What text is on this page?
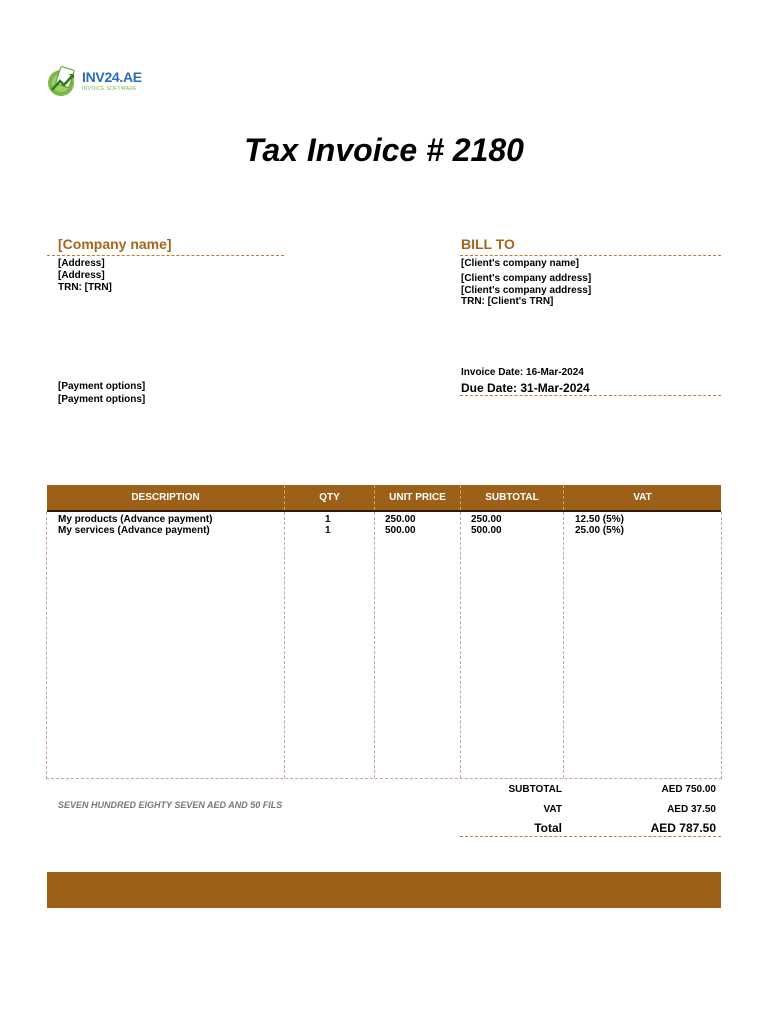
INV24.AE
INVOICE SOFTWARE
Tax Invoice # 2180
[Company name]
[Address]
[Address]
TRN: [TRN]
BILL TO
[Client's company name]
[Client's company address]
[Client's company address]
TRN: [Client's TRN]
[Payment options]
[Payment options]
Invoice Date: 16-Mar-2024
Due Date: 31-Mar-2024
DESCRIPTION	QTY	UNIT PRICE	SUBTOTAL	VAT
My products (Advance payment)	1	250.00	250.00	12.50 (5%)
My services (Advance payment)	1	500.00	500.00	25.00 (5%)
SEVEN HUNDRED EIGHTY SEVEN AED AND 50 FILS
SUBTOTAL	AED 750.00
VAT	AED 37.50
Total	AED 787.50
